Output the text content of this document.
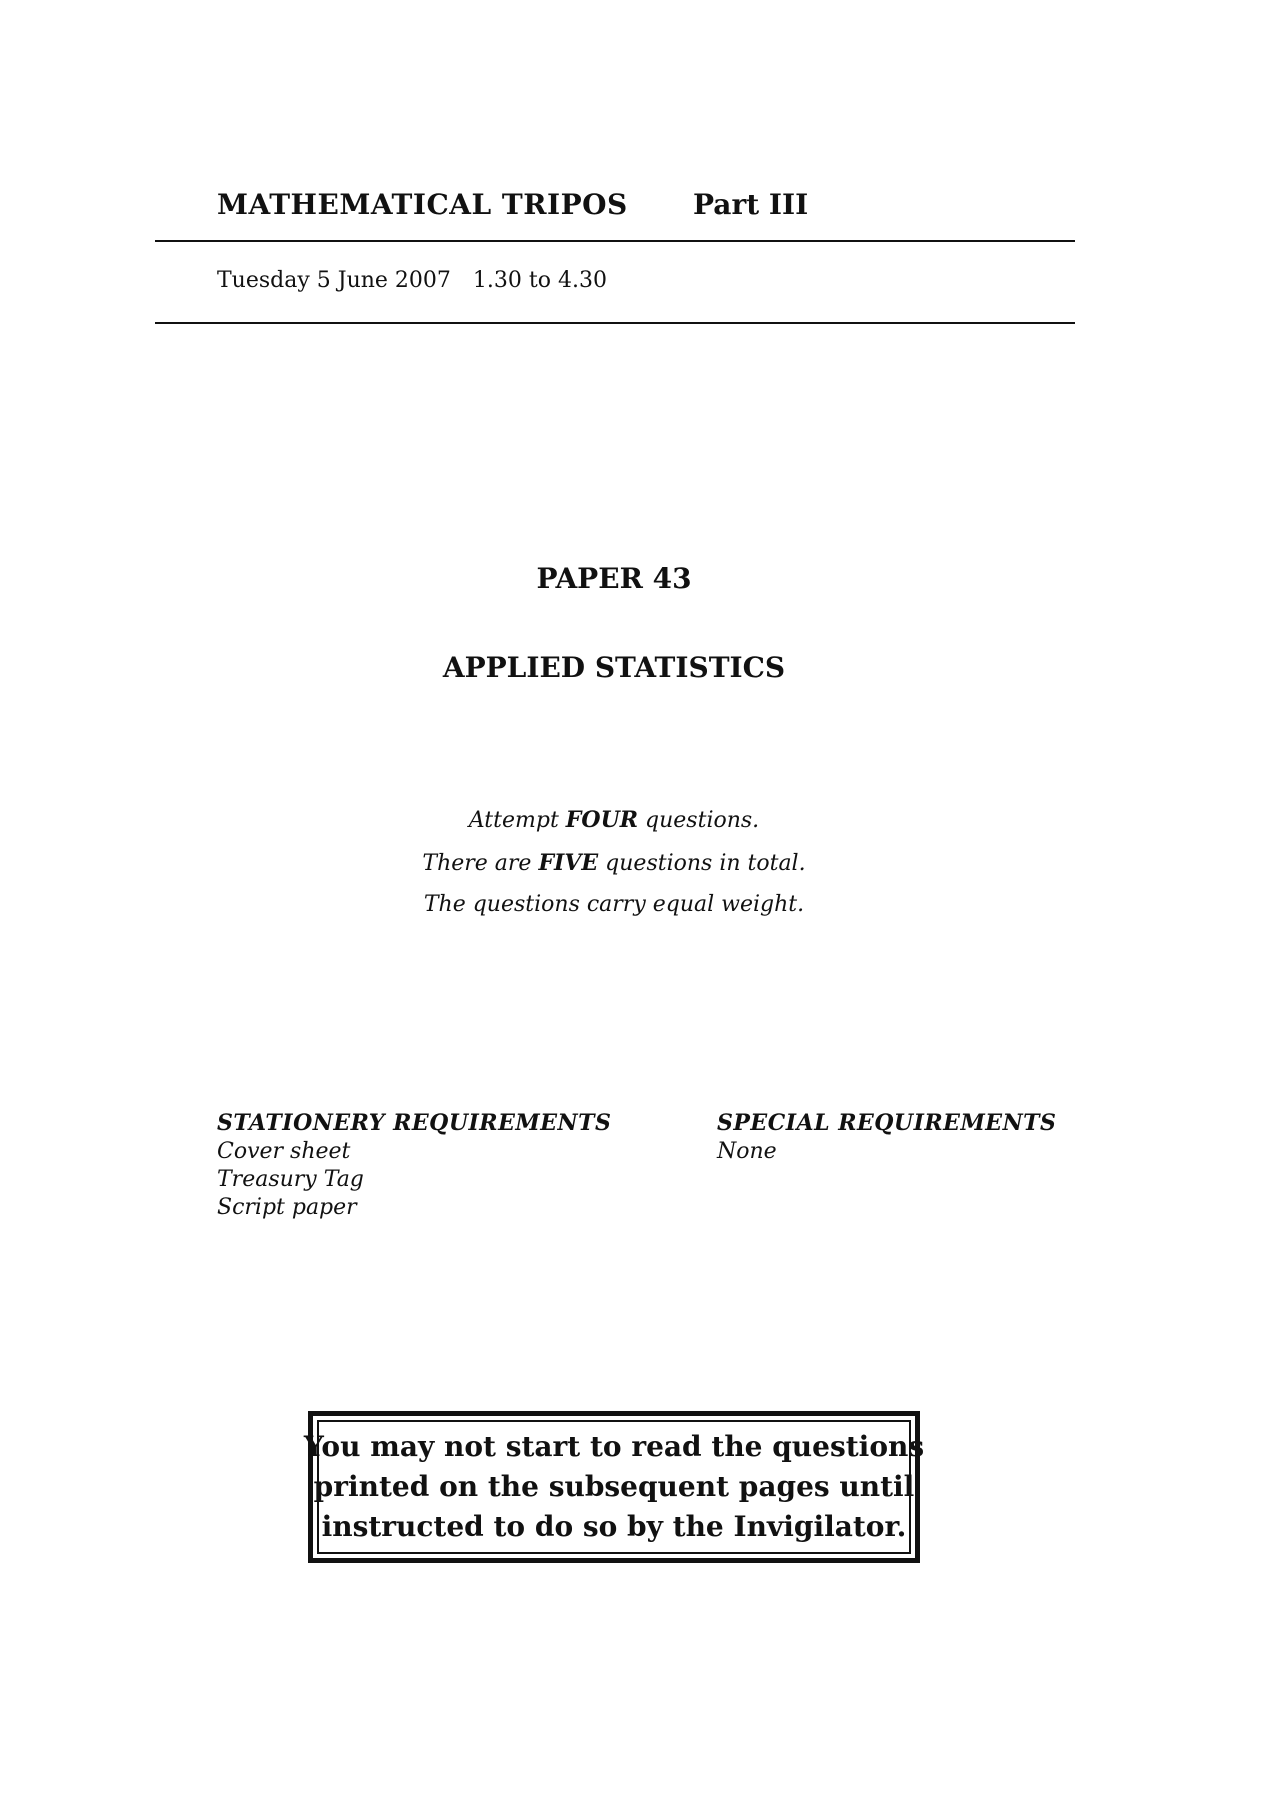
MATHEMATICAL TRIPOS Part III
Tuesday 5 June 2007 1.30 to 4.30
PAPER 43
APPLIED STATISTICS
Attempt FOUR questions.
There are FIVE questions in total.
The questions carry equal weight.
STATIONERY REQUIREMENTS
Cover sheet
Treasury Tag
Script paper
SPECIAL REQUIREMENTS
None
You may not start to read the questions
printed on the subsequent pages until
instructed to do so by the Invigilator.
